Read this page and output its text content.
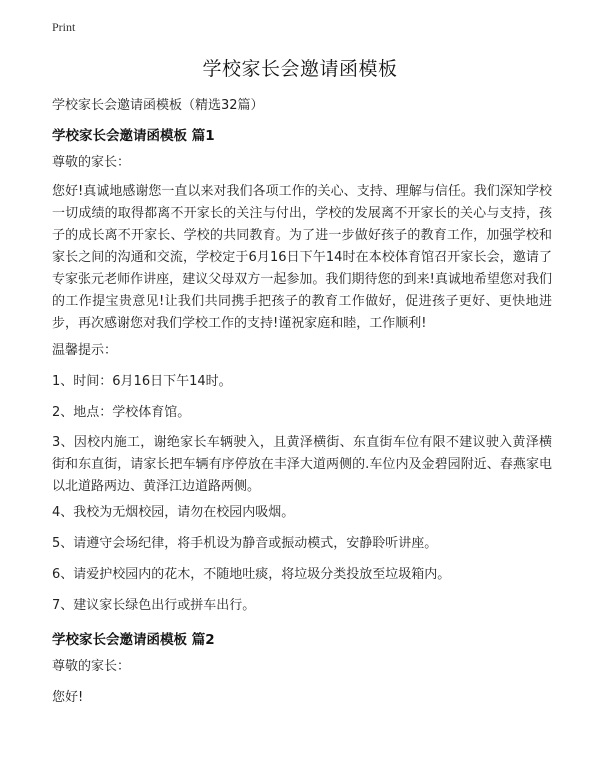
Print
学校家长会邀请函模板
学校家长会邀请函模板（精选32篇）
学校家长会邀请函模板 篇1
尊敬的家长：

您好!真诚地感谢您一直以来对我们各项工作的关心、支持、理解与信任。我们深知学校一切成绩的取得都离不开家长的关注与付出，学校的发展离不开家长的关心与支持，孩子的成长离不开家长、学校的共同教育。为了进一步做好孩子的教育工作，加强学校和家长之间的沟通和交流，学校定于6月16日下午14时在本校体育馆召开家长会，邀请了专家张元老师作讲座，建议父母双方一起参加。我们期待您的到来!真诚地希望您对我们的工作提宝贵意见!让我们共同携手把孩子的教育工作做好，促进孩子更好、更快地进步，再次感谢您对我们学校工作的支持!谨祝家庭和睦，工作顺利!

温馨提示：
1、时间：6月16日下午14时。
2、地点：学校体育馆。

3、因校内施工，谢绝家长车辆驶入，且黄泽横街、东直街车位有限不建议驶入黄泽横街和东直街，请家长把车辆有序停放在丰泽大道两侧的.车位内及金碧园附近、春燕家电以北道路两边、黄泽江边道路两侧。

4、我校为无烟校园，请勿在校园内吸烟。
5、请遵守会场纪律，将手机设为静音或振动模式，安静聆听讲座。
6、请爱护校园内的花木，不随地吐痰，将垃圾分类投放至垃圾箱内。
7、建议家长绿色出行或拼车出行。
学校家长会邀请函模板 篇2
尊敬的家长：
您好!
